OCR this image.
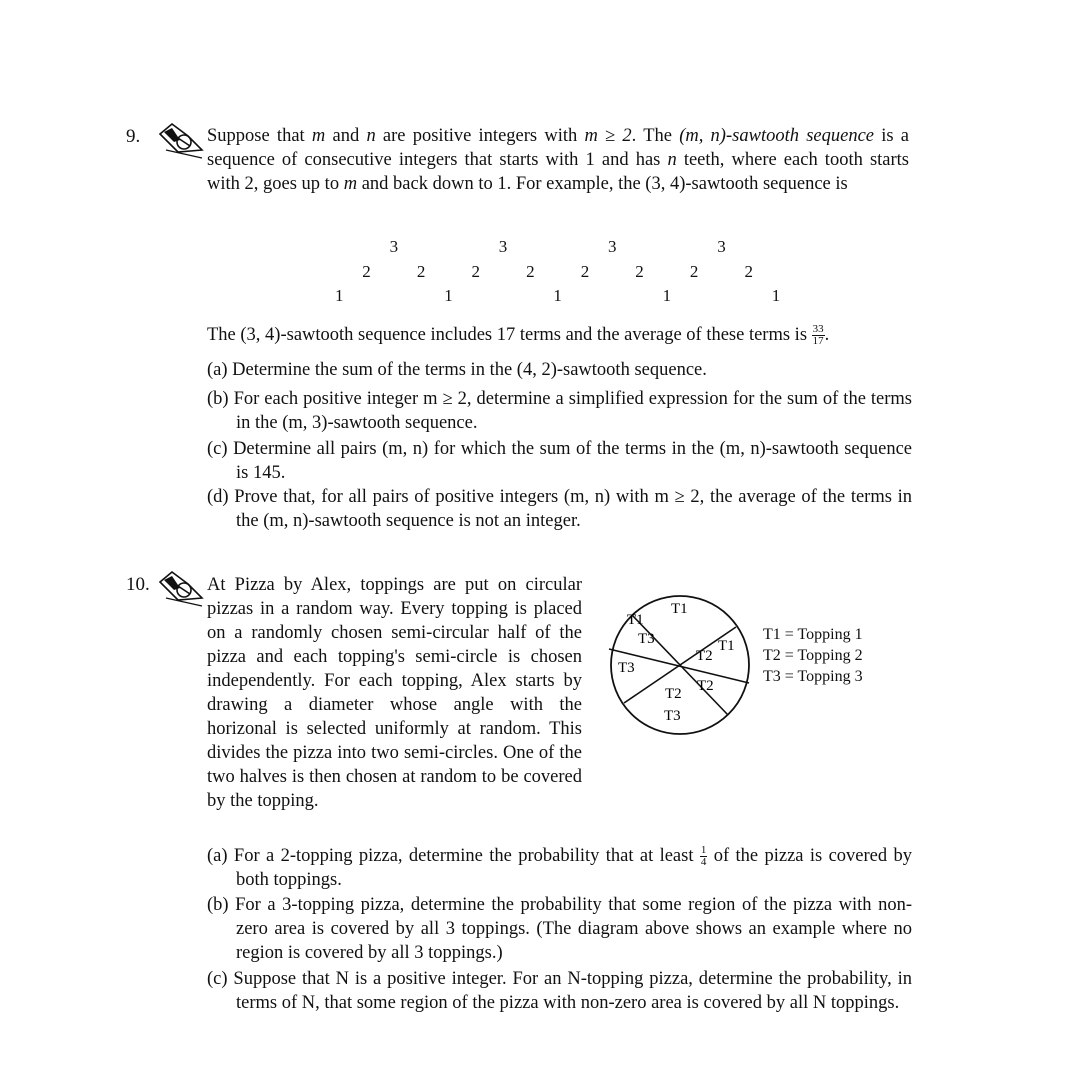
9.	Suppose that m and n are positive integers with m ≥ 2. The (m, n)-sawtooth sequence is a sequence of consecutive integers that starts with 1 and has n teeth, where each tooth starts with 2, goes up to m and back down to 1. For example, the (3, 4)-sawtooth sequence is
1
2
3
2
1
2
3
2
1
2
3
2
1
2
3
2
1
The (3, 4)-sawtooth sequence includes 17 terms and the average of these terms is $\frac{33}{17}$ .
(a) Determine the sum of the terms in the (4, 2)-sawtooth sequence.
(b) For each positive integer m ≥ 2, determine a simplified expression for the sum of the terms in the (m, 3)-sawtooth sequence.
(c) Determine all pairs (m, n) for which the sum of the terms in the (m, n)-sawtooth sequence is 145.
(d) Prove that, for all pairs of positive integers (m, n) with m ≥ 2, the average of the terms in the (m, n)-sawtooth sequence is not an integer.
10.	At Pizza by Alex, toppings are put on circular pizzas in a random way. Every topping is placed on a randomly chosen semi-circular half of the pizza and each topping's semi-circle is chosen independently. For each topping, Alex starts by drawing a diameter whose angle with the horizonal is selected uniformly at random. This divides the pizza into two semi-circles. One of the two halves is then chosen at random to be covered by the topping.
T1
T1
T3
T2
T1
T3
T2
T2
T3
T1 = Topping 1
T2 = Topping 2
T3 = Topping 3
(a) For a 2-topping pizza, determine the probability that at least $\frac{1}{4}$ of the pizza is covered by both toppings.
(b) For a 3-topping pizza, determine the probability that some region of the pizza with non-zero area is covered by all 3 toppings. (The diagram above shows an example where no region is covered by all 3 toppings.)
(c) Suppose that N is a positive integer. For an N-topping pizza, determine the probability, in terms of N, that some region of the pizza with non-zero area is covered by all N toppings.
